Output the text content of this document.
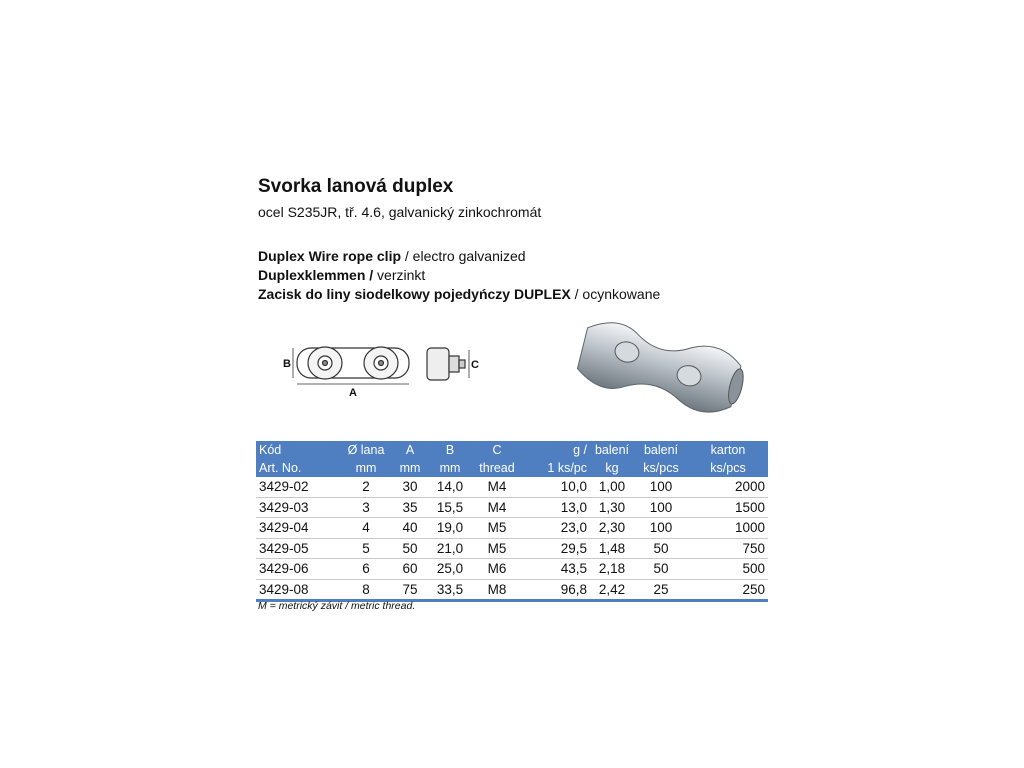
Svorka lanová duplex
ocel S235JR, tř. 4.6, galvanický zinkochromát
Duplex Wire rope clip / electro galvanized
Duplexklemmen / verzinkt
Zacisk do liny siodelkowy pojedyńczy DUPLEX / ocynkowane
B
A
C
Kód	Ø lana	A	B	C	g /	balení	balení	karton
Art. No.	mm	mm	mm	thread	1 ks/pc	kg	ks/pcs	ks/pcs
3429-02	2	30	14,0	M4	10,0	1,00	100	2000
3429-03	3	35	15,5	M4	13,0	1,30	100	1500
3429-04	4	40	19,0	M5	23,0	2,30	100	1000
3429-05	5	50	21,0	M5	29,5	1,48	50	750
3429-06	6	60	25,0	M6	43,5	2,18	50	500
3429-08	8	75	33,5	M8	96,8	2,42	25	250
M = metrický závit / metric thread.
